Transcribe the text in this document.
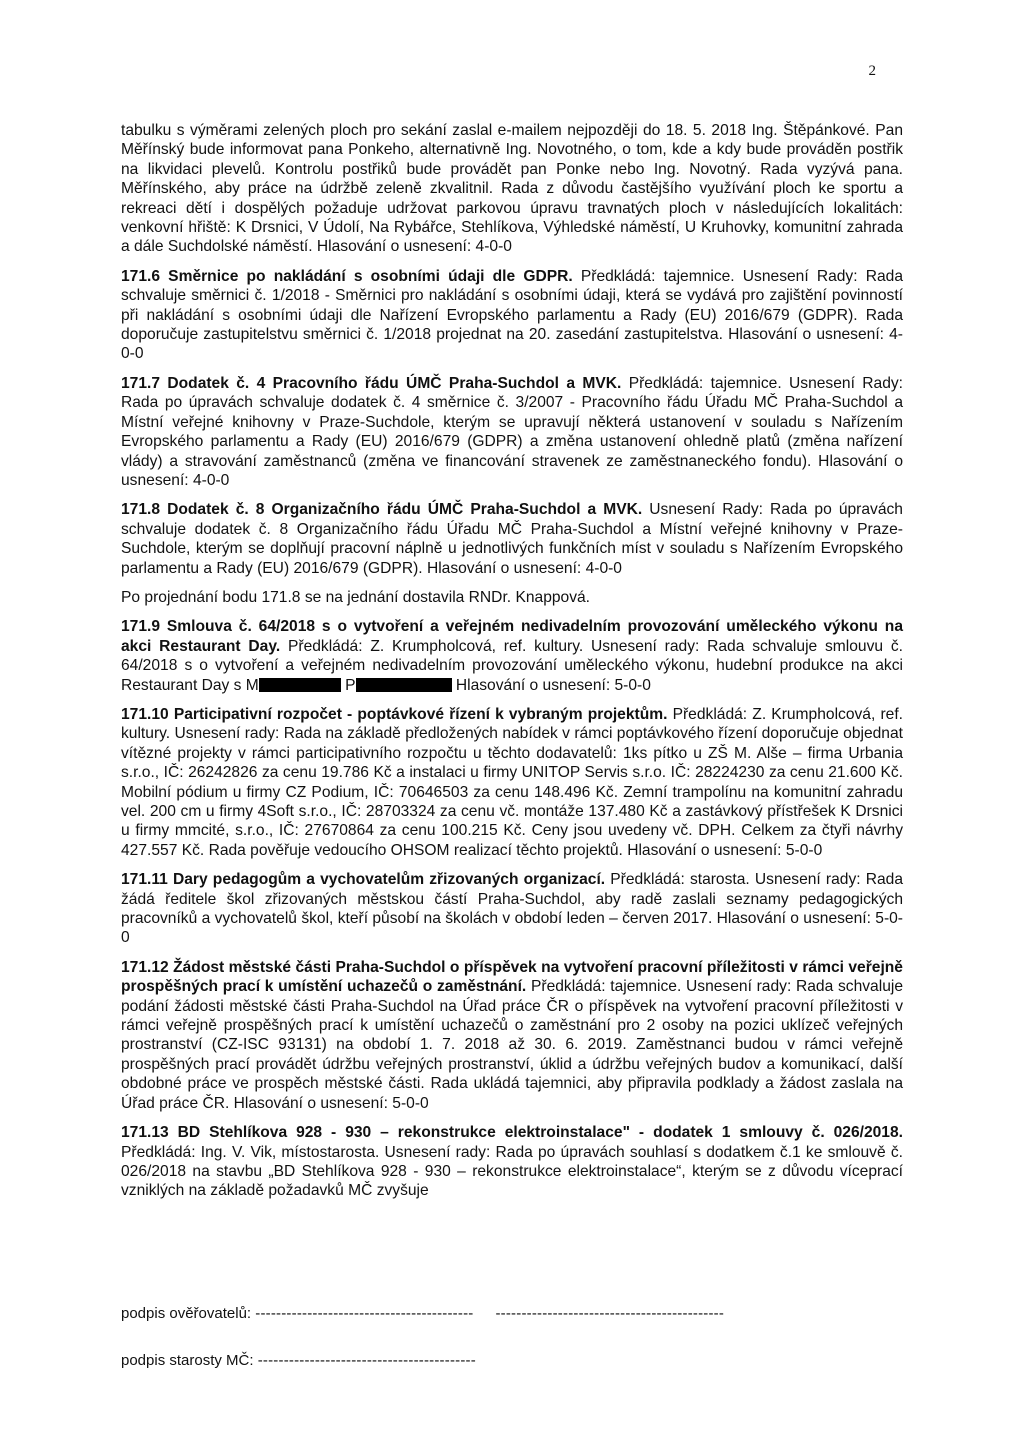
2

tabulku s výměrami zelených ploch pro sekání zaslal e-mailem nejpozději do 18. 5. 2018 Ing. Štěpánkové. Pan Měřínský bude informovat pana Ponkeho, alternativně Ing. Novotného, o tom, kde a kdy bude prováděn postřik na likvidaci plevelů. Kontrolu postřiků bude provádět pan Ponke nebo Ing. Novotný. Rada vyzývá pana. Měřínského, aby práce na údržbě zeleně zkvalitnil. Rada z důvodu častějšího využívání ploch ke sportu a rekreaci dětí i dospělých požaduje udržovat parkovou úpravu travnatých ploch v následujících lokalitách: venkovní hřiště: K Drsnici, V Údolí, Na Rybářce, Stehlíkova, Výhledské náměstí, U Kruhovky, komunitní zahrada a dále Suchdolské náměstí. Hlasování o usnesení: 4-0-0

171.6 Směrnice po nakládání s osobními údaji dle GDPR. Předkládá: tajemnice. Usnesení Rady: Rada schvaluje směrnici č. 1/2018 - Směrnici pro nakládání s osobními údaji, která se vydává pro zajištění povinností při nakládání s osobními údaji dle Nařízení Evropského parlamentu a Rady (EU) 2016/679 (GDPR). Rada doporučuje zastupitelstvu směrnici č. 1/2018 projednat na 20. zasedání zastupitelstva. Hlasování o usnesení: 4-0-0

171.7 Dodatek č. 4 Pracovního řádu ÚMČ Praha-Suchdol a MVK. Předkládá: tajemnice. Usnesení Rady: Rada po úpravách schvaluje dodatek č. 4 směrnice č. 3/2007 - Pracovního řádu Úřadu MČ Praha-Suchdol a Místní veřejné knihovny v Praze-Suchdole, kterým se upravují některá ustanovení v souladu s Nařízením Evropského parlamentu a Rady (EU) 2016/679 (GDPR) a změna ustanovení ohledně platů (změna nařízení vlády) a stravování zaměstnanců (změna ve financování stravenek ze zaměstnaneckého fondu). Hlasování o usnesení: 4-0-0

171.8 Dodatek č. 8 Organizačního řádu ÚMČ Praha-Suchdol a MVK. Usnesení Rady: Rada po úpravách schvaluje dodatek č. 8 Organizačního řádu Úřadu MČ Praha-Suchdol a Místní veřejné knihovny v Praze-Suchdole, kterým se doplňují pracovní náplně u jednotlivých funkčních míst v souladu s Nařízením Evropského parlamentu a Rady (EU) 2016/679 (GDPR). Hlasování o usnesení: 4-0-0

Po projednání bodu 171.8 se na jednání dostavila RNDr. Knappová.

171.9 Smlouva č. 64/2018 s o vytvoření a veřejném nedivadelním provozování uměleckého výkonu na akci Restaurant Day. Předkládá: Z. Krumpholcová, ref. kultury. Usnesení rady: Rada schvaluje smlouvu č. 64/2018 s o vytvoření a veřejném nedivadelním provozování uměleckého výkonu, hudební produkce na akci Restaurant Day s M	P	Hlasování o usnesení: 5-0-0

171.10 Participativní rozpočet - poptávkové řízení k vybraným projektům. Předkládá: Z. Krumpholcová, ref. kultury. Usnesení rady: Rada na základě předložených nabídek v rámci poptávkového řízení doporučuje objednat vítězné projekty v rámci participativního rozpočtu u těchto dodavatelů: 1ks pítko u ZŠ M. Alše – firma Urbania s.r.o., IČ: 26242826 za cenu 19.786 Kč a instalaci u firmy UNITOP Servis s.r.o. IČ: 28224230 za cenu 21.600 Kč. Mobilní pódium u firmy CZ Podium, IČ: 70646503 za cenu 148.496 Kč. Zemní trampolínu na komunitní zahradu vel. 200 cm u firmy 4Soft s.r.o., IČ: 28703324 za cenu vč. montáže 137.480 Kč a zastávkový přístřešek K Drsnici u firmy mmcité, s.r.o., IČ: 27670864 za cenu 100.215 Kč. Ceny jsou uvedeny vč. DPH. Celkem za čtyři návrhy 427.557 Kč. Rada pověřuje vedoucího OHSOM realizací těchto projektů. Hlasování o usnesení: 5-0-0

171.11 Dary pedagogům a vychovatelům zřizovaných organizací. Předkládá: starosta. Usnesení rady: Rada žádá ředitele škol zřizovaných městskou částí Praha-Suchdol, aby radě zaslali seznamy pedagogických pracovníků a vychovatelů škol, kteří působí na školách v období leden – červen 2017. Hlasování o usnesení: 5-0-0

171.12 Žádost městské části Praha-Suchdol o příspěvek na vytvoření pracovní příležitosti v rámci veřejně prospěšných prací k umístění uchazečů o zaměstnání. Předkládá: tajemnice. Usnesení rady: Rada schvaluje podání žádosti městské části Praha-Suchdol na Úřad práce ČR o příspěvek na vytvoření pracovní příležitosti v rámci veřejně prospěšných prací k umístění uchazečů o zaměstnání pro 2 osoby na pozici uklízeč veřejných prostranství (CZ-ISC 93131) na období 1. 7. 2018 až 30. 6. 2019. Zaměstnanci budou v rámci veřejně prospěšných prací provádět údržbu veřejných prostranství, úklid a údržbu veřejných budov a komunikací, další obdobné práce ve prospěch městské části. Rada ukládá tajemnici, aby připravila podklady a žádost zaslala na Úřad práce ČR. Hlasování o usnesení: 5-0-0

171.13 BD Stehlíkova 928 - 930 – rekonstrukce elektroinstalace" - dodatek 1 smlouvy č. 026/2018. Předkládá: Ing. V. Vik, místostarosta. Usnesení rady: Rada po úpravách souhlasí s dodatkem č.1 ke smlouvě č. 026/2018 na stavbu „BD Stehlíkova 928 - 930 – rekonstrukce elektroinstalace“, kterým se z důvodu víceprací vzniklých na základě požadavků MČ zvyšuje

podpis ověřovatelů: ------------------------------------------ --------------------------------------------
podpis starosty MČ: ------------------------------------------
